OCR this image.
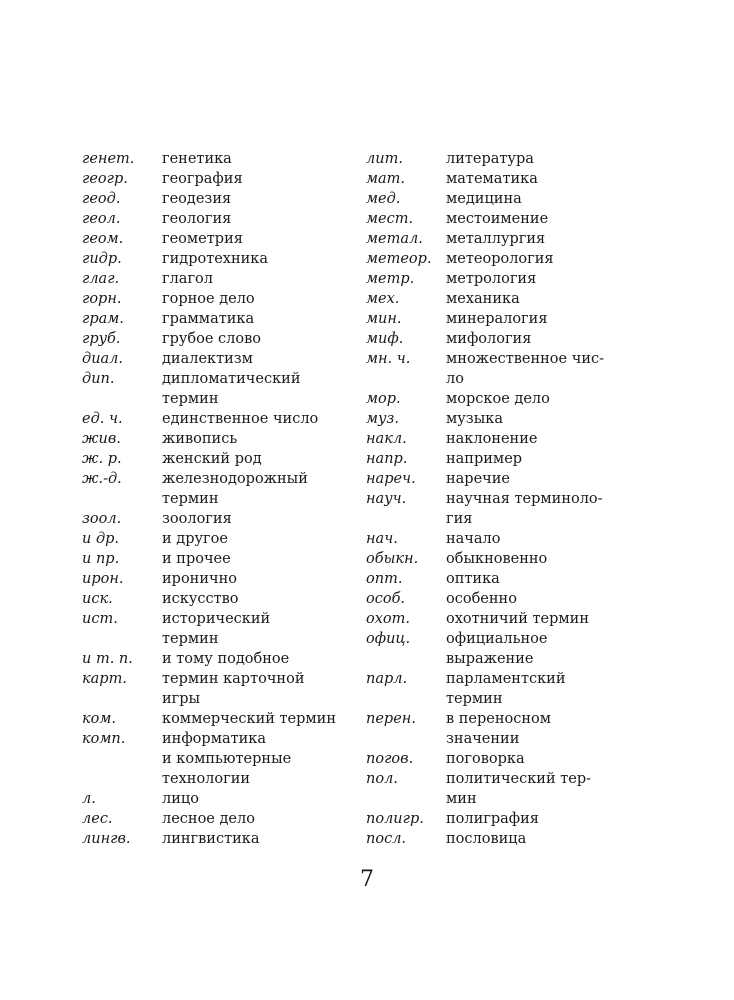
генет.	генетика
геогр.	география
геод.	геодезия
геол.	геология
геом.	геометрия
гидр.	гидротехника
глаг.	глагол
горн.	горное дело
грам.	грамматика
груб.	грубое слово
диал.	диалектизм
дип.	дипломатический
термин
ед. ч.	единственное число
жив.	живопись
ж. р.	женский род
ж.-д.	железнодорожный
термин
зоол.	зоология
и др.	и другое
и пр.	и прочее
ирон.	иронично
иск.	искусство
ист.	исторический
термин
и т. п.	и тому подобное
карт.	термин карточной
игры
ком.	коммерческий термин
комп.	информатика
и компьютерные
технологии
л.	лицо
лес.	лесное дело
лингв.	лингвистика
лит.	литература
мат.	математика
мед.	медицина
мест.	местоимение
метал.	металлургия
метеор. метеорология
метр.	метрология
мех.	механика
мин.	минералогия
миф.	мифология
мн. ч.	множественное чис-
ло
мор.	морское дело
муз.	музыка
накл.	наклонение
напр.	например
нареч.	наречие
науч.	научная терминоло-
гия
нач.	начало
обыкн.	обыкновенно
опт.	оптика
особ.	особенно
охот.	охотничий термин
офиц.	официальное
выражение
парл.	парламентский
термин
перен.	в переносном
значении
погов.	поговорка
пол.	политический тер-
мин
полигр.	полиграфия
посл.	пословица
7
